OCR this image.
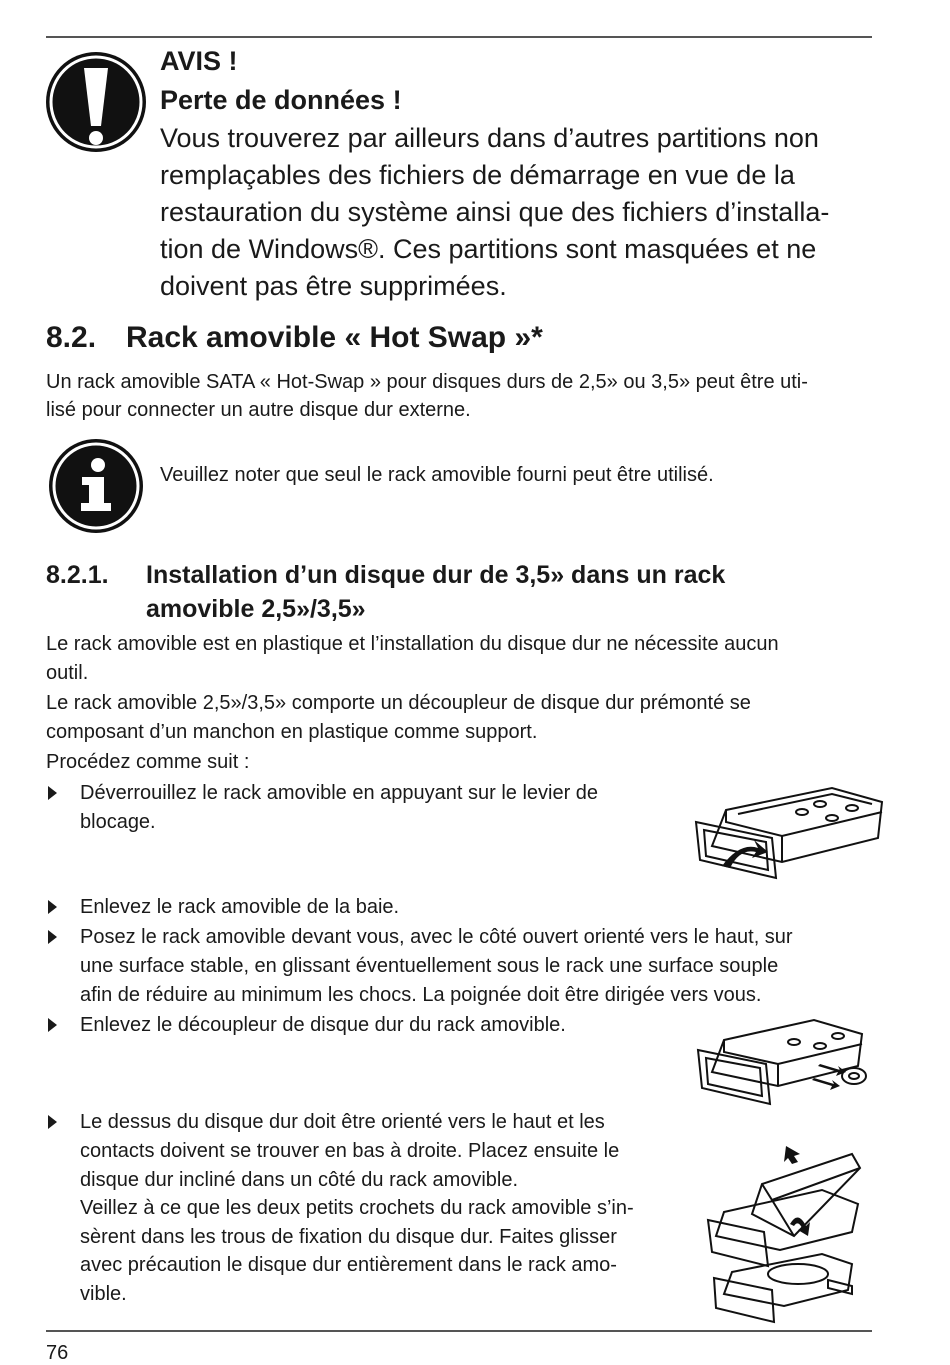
AVIS !
Perte de données !
Vous trouverez par ailleurs dans d’autres partitions non
remplaçables des fichiers de démarrage en vue de la
restauration du système ainsi que des fichiers d’installa-
tion de Windows®. Ces partitions sont masquées et ne
doivent pas être supprimées.
8.2. Rack amovible « Hot Swap »*
Un rack amovible SATA « Hot-Swap » pour disques durs de 2,5» ou 3,5» peut être uti-
lisé pour connecter un autre disque dur externe.
Veuillez noter que seul le rack amovible fourni peut être utilisé.
8.2.1. Installation d’un disque dur de 3,5» dans un rack
amovible 2,5»/3,5»
Le rack amovible est en plastique et l’installation du disque dur ne nécessite aucun
outil.
Le rack amovible 2,5»/3,5» comporte un découpleur de disque dur prémonté se
composant d’un manchon en plastique comme support.
Procédez comme suit :
Déverrouillez le rack amovible en appuyant sur le levier de
blocage.
Enlevez le rack amovible de la baie.
Posez le rack amovible devant vous, avec le côté ouvert orienté vers le haut, sur
une surface stable, en glissant éventuellement sous le rack une surface souple
afin de réduire au minimum les chocs. La poignée doit être dirigée vers vous.
Enlevez le découpleur de disque dur du rack amovible.
Le dessus du disque dur doit être orienté vers le haut et les
contacts doivent se trouver en bas à droite. Placez ensuite le
disque dur incliné dans un côté du rack amovible.
Veillez à ce que les deux petits crochets du rack amovible s’in-
sèrent dans les trous de fixation du disque dur. Faites glisser
avec précaution le disque dur entièrement dans le rack amo-
vible.
76
